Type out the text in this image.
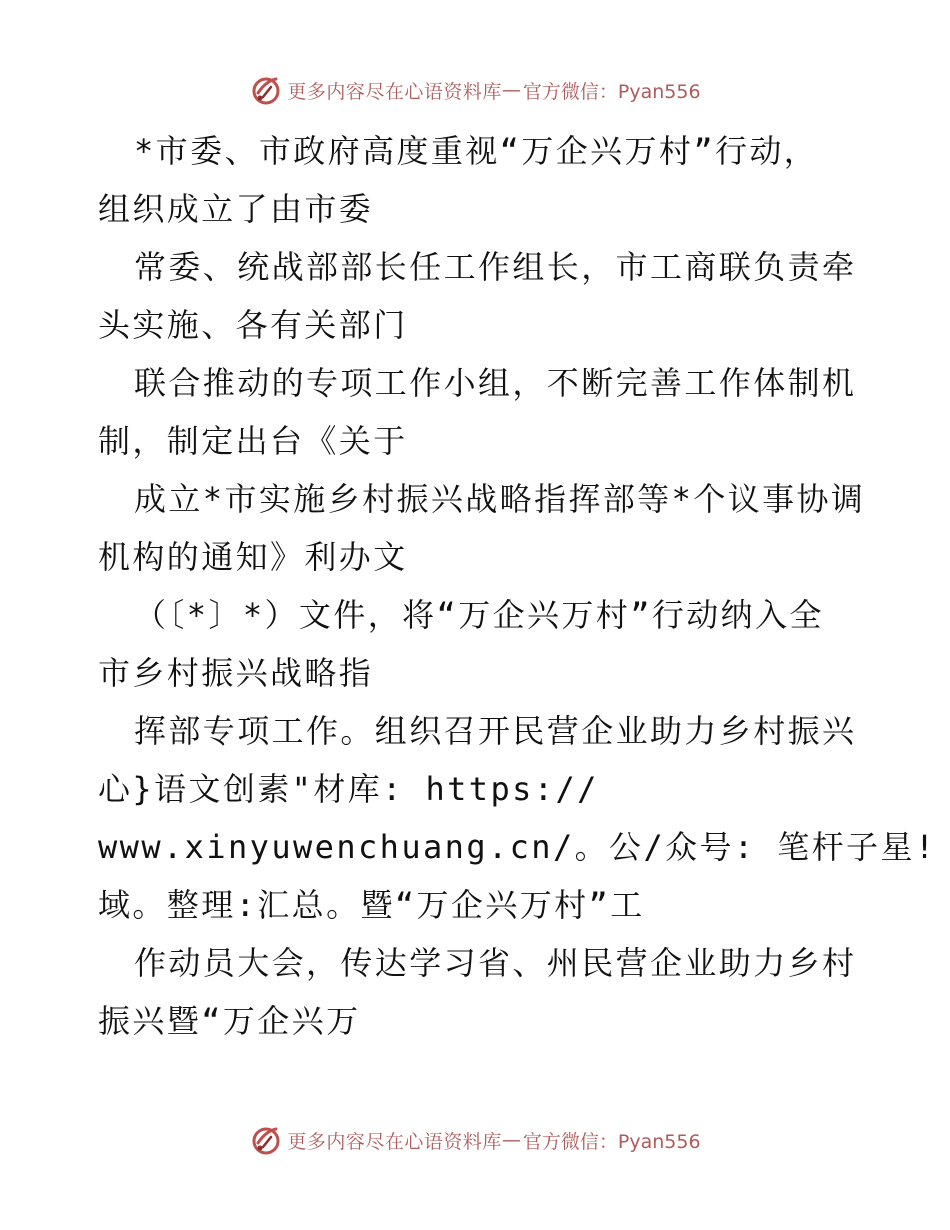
更多内容尽在心语资料库 — 官方微信：Pyan556
*市委、市政府高度重视“万企兴万村”行动，
组织成立了由市委
常委、统战部部长任工作组长，市工商联负责牵
头实施、各有关部门
联合推动的专项工作小组，不断完善工作体制机
制，制定出台《关于
成立*市实施乡村振兴战略指挥部等*个议事协调
机构的通知》利办文
（〔*〕*）文件，将“万企兴万村”行动纳入全
市乡村振兴战略指
挥部专项工作。组织召开民营企业助力乡村振兴
心}语文创素"材库: https://
www.xinyuwenchuang.cn/。公/众号: 笔杆子星!
域。整理:汇总。暨“万企兴万村”工
作动员大会，传达学习省、州民营企业助力乡村
振兴暨“万企兴万
更多内容尽在心语资料库 — 官方微信：Pyan556
